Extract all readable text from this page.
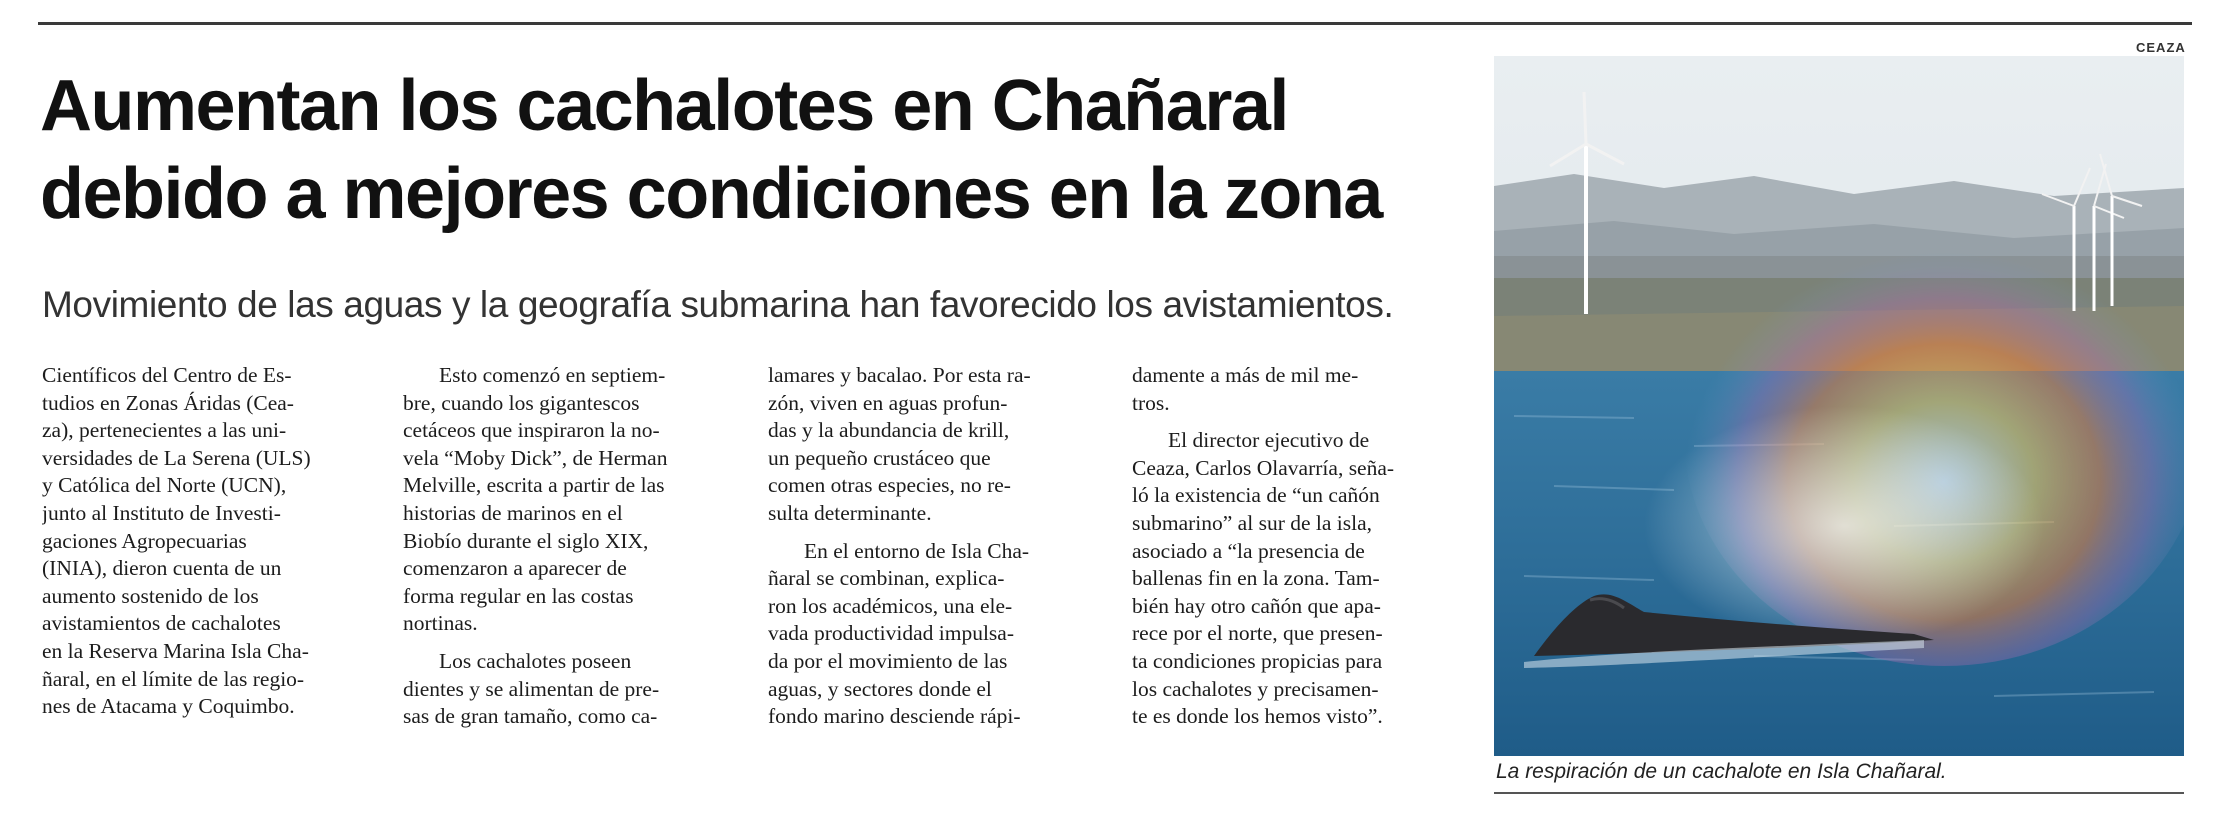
Aumentan los cachalotes en Chañaral
debido a mejores condiciones en la zona

Movimiento de las aguas y la geografía submarina han favorecido los avistamientos.

Científicos del Centro de Es-
tudios en Zonas Áridas (Cea-
za), pertenecientes a las uni-
versidades de La Serena (ULS)
y Católica del Norte (UCN),
junto al Instituto de Investi-
gaciones Agropecuarias
(INIA), dieron cuenta de un
aumento sostenido de los
avistamientos de cachalotes
en la Reserva Marina Isla Cha-
ñaral, en el límite de las regio-
nes de Atacama y Coquimbo.

Esto comenzó en septiem-
bre, cuando los gigantescos
cetáceos que inspiraron la no-
vela “Moby Dick”, de Herman
Melville, escrita a partir de las
historias de marinos en el
Biobío durante el siglo XIX,
comenzaron a aparecer de
forma regular en las costas
nortinas.

Los cachalotes poseen
dientes y se alimentan de pre-
sas de gran tamaño, como ca-

lamares y bacalao. Por esta ra-
zón, viven en aguas profun-
das y la abundancia de krill,
un pequeño crustáceo que
comen otras especies, no re-
sulta determinante.

En el entorno de Isla Cha-
ñaral se combinan, explica-
ron los académicos, una ele-
vada productividad impulsa-
da por el movimiento de las
aguas, y sectores donde el
fondo marino desciende rápi-

damente a más de mil me-
tros.

El director ejecutivo de
Ceaza, Carlos Olavarría, seña-
ló la existencia de “un cañón
submarino” al sur de la isla,
asociado a “la presencia de
ballenas fin en la zona. Tam-
bién hay otro cañón que apa-
rece por el norte, que presen-
ta condiciones propicias para
los cachalotes y precisamen-
te es donde los hemos visto”.

CEAZA
La respiración de un cachalote en Isla Chañaral.
